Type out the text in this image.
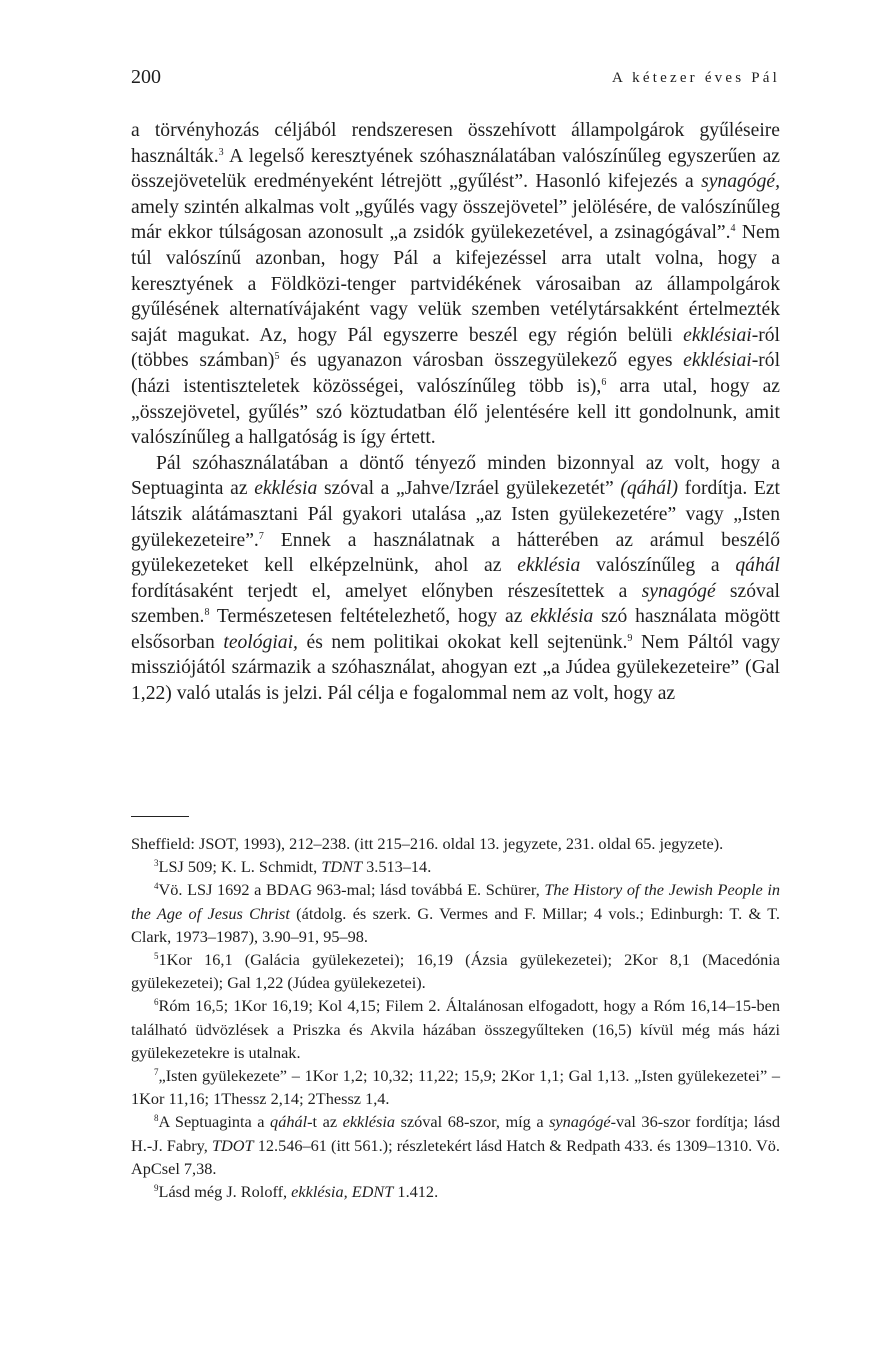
200	A kétezer éves Pál

a törvényhozás céljából rendszeresen összehívott állampolgárok gyűléseire használták.$^3$ A legelső keresztyének szóhasználatában valószínűleg egyszerűen az összejövetelük eredményeként létrejött „gyűlést”. Hasonló kifejezés a synagógé, amely szintén alkalmas volt „gyűlés vagy összejövetel” jelölésére, de valószínűleg már ekkor túlságosan azonosult „a zsidók gyülekezetével, a zsinagógával”.$^4$ Nem túl valószínű azonban, hogy Pál a kifejezéssel arra utalt volna, hogy a keresztyének a Földközi-tenger partvidékének városaiban az állampolgárok gyűlésének alternatívájaként vagy velük szemben vetélytársakként értelmezték saját magukat. Az, hogy Pál egyszerre beszél egy régión belüli ekklésiai-ról (többes számban)$^5$ és ugyanazon városban összegyülekező egyes ekklésiai-ról (házi istentiszteletek közösségei, valószínűleg több is),$^6$ arra utal, hogy az „összejövetel, gyűlés” szó köztudatban élő jelentésére kell itt gondolnunk, amit valószínűleg a hallgatóság is így értett.

Pál szóhasználatában a döntő tényező minden bizonnyal az volt, hogy a Septuaginta az ekklésia szóval a „Jahve/Izráel gyülekezetét” (qáhál) fordítja. Ezt látszik alátámasztani Pál gyakori utalása „az Isten gyülekezetére” vagy „Isten gyülekezeteire”.$^7$ Ennek a használatnak a hátterében az arámul beszélő gyülekezeteket kell elképzelnünk, ahol az ekklésia valószínűleg a qáhál fordításaként terjedt el, amelyet előnyben részesítettek a synagógé szóval szemben.$^8$ Természetesen feltételezhető, hogy az ekklésia szó használata mögött elsősorban teológiai, és nem politikai okokat kell sejtenünk.$^9$ Nem Páltól vagy missziójától származik a szóhasználat, ahogyan ezt „a Júdea gyülekezeteire” (Gal 1,22) való utalás is jelzi. Pál célja e fogalommal nem az volt, hogy az

Sheffield: JSOT, 1993), 212–238. (itt 215–216. oldal 13. jegyzete, 231. oldal 65. jegyzete).

$^3$LSJ 509; K. L. Schmidt, TDNT 3.513–14.

$^4$Vö. LSJ 1692 a BDAG 963-mal; lásd továbbá E. Schürer, The History of the Jewish People in the Age of Jesus Christ (átdolg. és szerk. G. Vermes and F. Millar; 4 vols.; Edinburgh: T. & T. Clark, 1973–1987), 3.90–91, 95–98.

$^5$1Kor 16,1 (Galácia gyülekezetei); 16,19 (Ázsia gyülekezetei); 2Kor 8,1 (Macedónia gyülekezetei); Gal 1,22 (Júdea gyülekezetei).

$^6$Róm 16,5; 1Kor 16,19; Kol 4,15; Filem 2. Általánosan elfogadott, hogy a Róm 16,14–15-ben található üdvözlések a Priszka és Akvila házában összegyűlteken (16,5) kívül még más házi gyülekezetekre is utalnak.

$^7$„Isten gyülekezete” – 1Kor 1,2; 10,32; 11,22; 15,9; 2Kor 1,1; Gal 1,13. „Isten gyülekezetei” – 1Kor 11,16; 1Thessz 2,14; 2Thessz 1,4.

$^8$A Septuaginta a qáhál-t az ekklésia szóval 68-szor, míg a synagógé-val 36-szor fordítja; lásd H.-J. Fabry, TDOT 12.546–61 (itt 561.); részletekért lásd Hatch & Redpath 433. és 1309–1310. Vö. ApCsel 7,38.

$^9$Lásd még J. Roloff, ekklésia, EDNT 1.412.
